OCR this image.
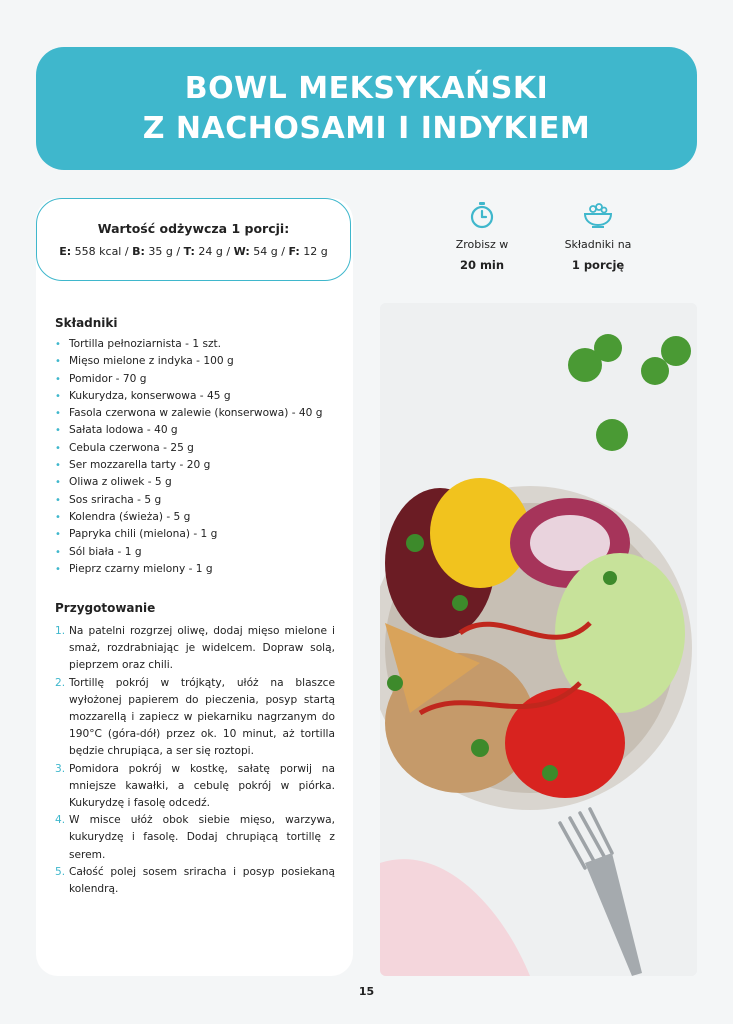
BOWL MEKSYKAŃSKI
Z NACHOSAMI I INDYKIEM
Wartość odżywcza 1 porcji:
E: 558 kcal / B: 35 g / T: 24 g / W: 54 g / F: 12 g
Zrobisz w
20 min
Składniki na
1 porcję
Składniki
• Tortilla pełnoziarnista - 1 szt.
• Mięso mielone z indyka - 100 g
• Pomidor - 70 g
• Kukurydza, konserwowa - 45 g
• Fasola czerwona w zalewie (konserwowa) - 40 g
• Sałata lodowa - 40 g
• Cebula czerwona - 25 g
• Ser mozzarella tarty - 20 g
• Oliwa z oliwek - 5 g
• Sos sriracha - 5 g
• Kolendra (świeża) - 5 g
• Papryka chili (mielona) - 1 g
• Sól biała - 1 g
• Pieprz czarny mielony - 1 g
Przygotowanie
1. Na patelni rozgrzej oliwę, dodaj mięso mielone i smaż, rozdrabniając je widelcem. Dopraw solą, pieprzem oraz chili.
2. Tortillę pokrój w trójkąty, ułóż na blaszce wyłożonej papierem do pieczenia, posyp startą mozzarellą i zapiecz w piekarniku nagrzanym do 190°C (góra-dół) przez ok. 10 minut, aż tortilla będzie chrupiąca, a ser się roztopi.
3. Pomidora pokrój w kostkę, sałatę porwij na mniejsze kawałki, a cebulę pokrój w piórka. Kukurydzę i fasolę odcedź.
4. W misce ułóż obok siebie mięso, warzywa, kukurydzę i fasolę. Dodaj chrupiącą tortillę z serem.
5. Całość polej sosem sriracha i posyp posiekaną kolendrą.
15
